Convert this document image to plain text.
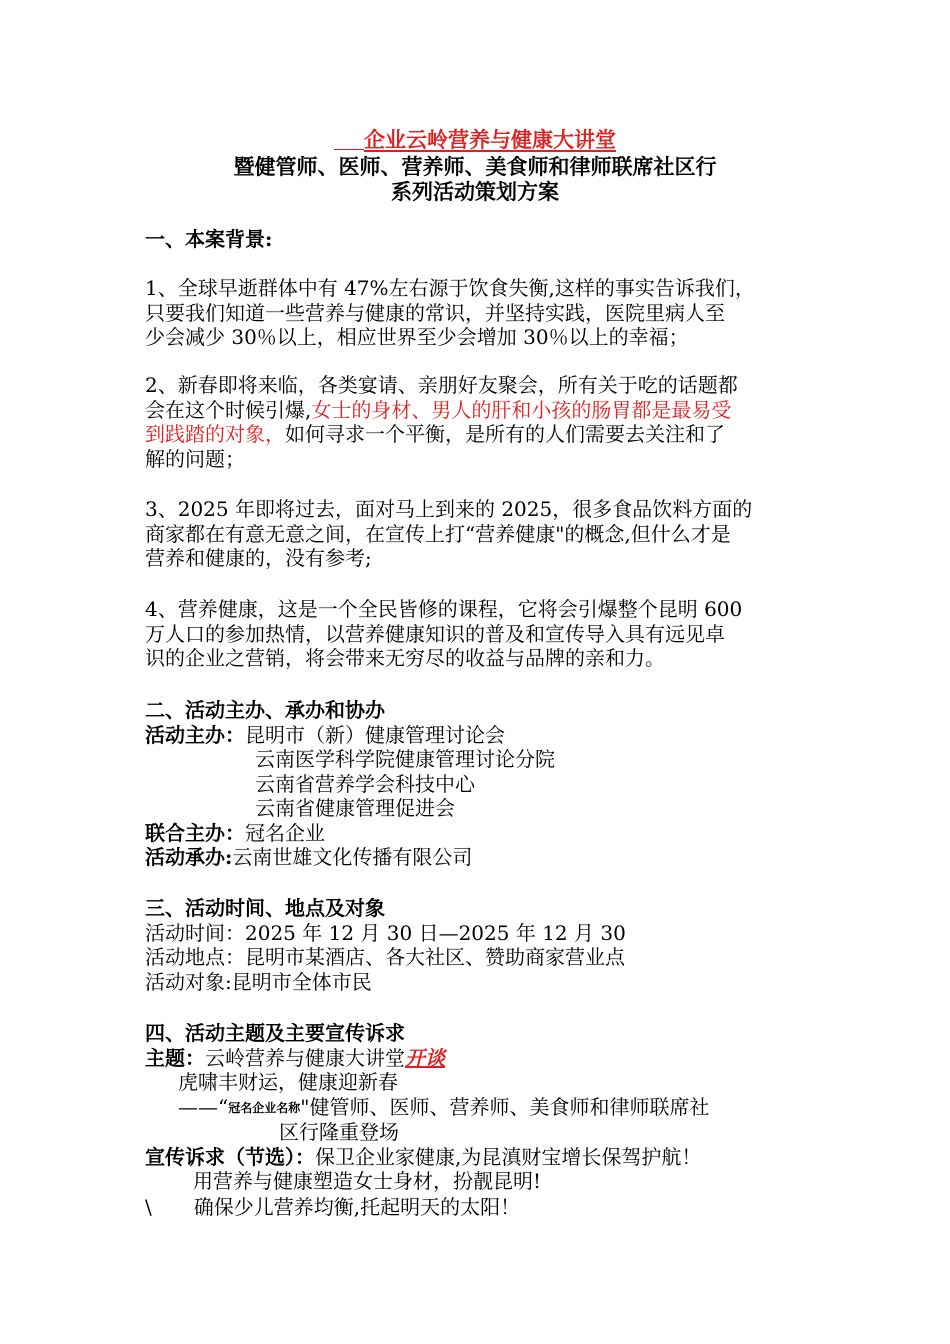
企业云岭营养与健康大讲堂
暨健管师、医师、营养师、美食师和律师联席社区行
系列活动策划方案
一、本案背景:
1、全球早逝群体中有 47%左右源于饮食失衡,这样的事实告诉我们，
只要我们知道一些营养与健康的常识，并坚持实践，医院里病人至
少会减少 30％以上，相应世界至少会增加 30％以上的幸福；
2、新春即将来临，各类宴请、亲朋好友聚会，所有关于吃的话题都
会在这个时候引爆,女士的身材、男人的肝和小孩的肠胃都是最易受
到践踏的对象，如何寻求一个平衡，是所有的人们需要去关注和了
解的问题；
3、2025 年即将过去，面对马上到来的 2025，很多食品饮料方面的
商家都在有意无意之间，在宣传上打“营养健康"的概念,但什么才是
营养和健康的，没有参考;
4、营养健康，这是一个全民皆修的课程，它将会引爆整个昆明 600
万人口的参加热情，以营养健康知识的普及和宣传导入具有远见卓
识的企业之营销，将会带来无穷尽的收益与品牌的亲和力。
二、活动主办、承办和协办
活动主办：昆明市（新）健康管理讨论会
云南医学科学院健康管理讨论分院
云南省营养学会科技中心
云南省健康管理促进会
联合主办：冠名企业
活动承办:云南世雄文化传播有限公司
三、活动时间、地点及对象
活动时间：2025 年 12 月 30 日—2025 年 12 月 30
活动地点：昆明市某酒店、各大社区、赞助商家营业点
活动对象:昆明市全体市民
四、活动主题及主要宣传诉求
主题：云岭营养与健康大讲堂开谈
虎啸丰财运，健康迎新春
——“冠名企业名称"健管师、医师、营养师、美食师和律师联席社
区行隆重登场
宣传诉求（节选）：保卫企业家健康,为昆滇财宝增长保驾护航！
用营养与健康塑造女士身材，扮靓昆明!
\ 确保少儿营养均衡,托起明天的太阳！
